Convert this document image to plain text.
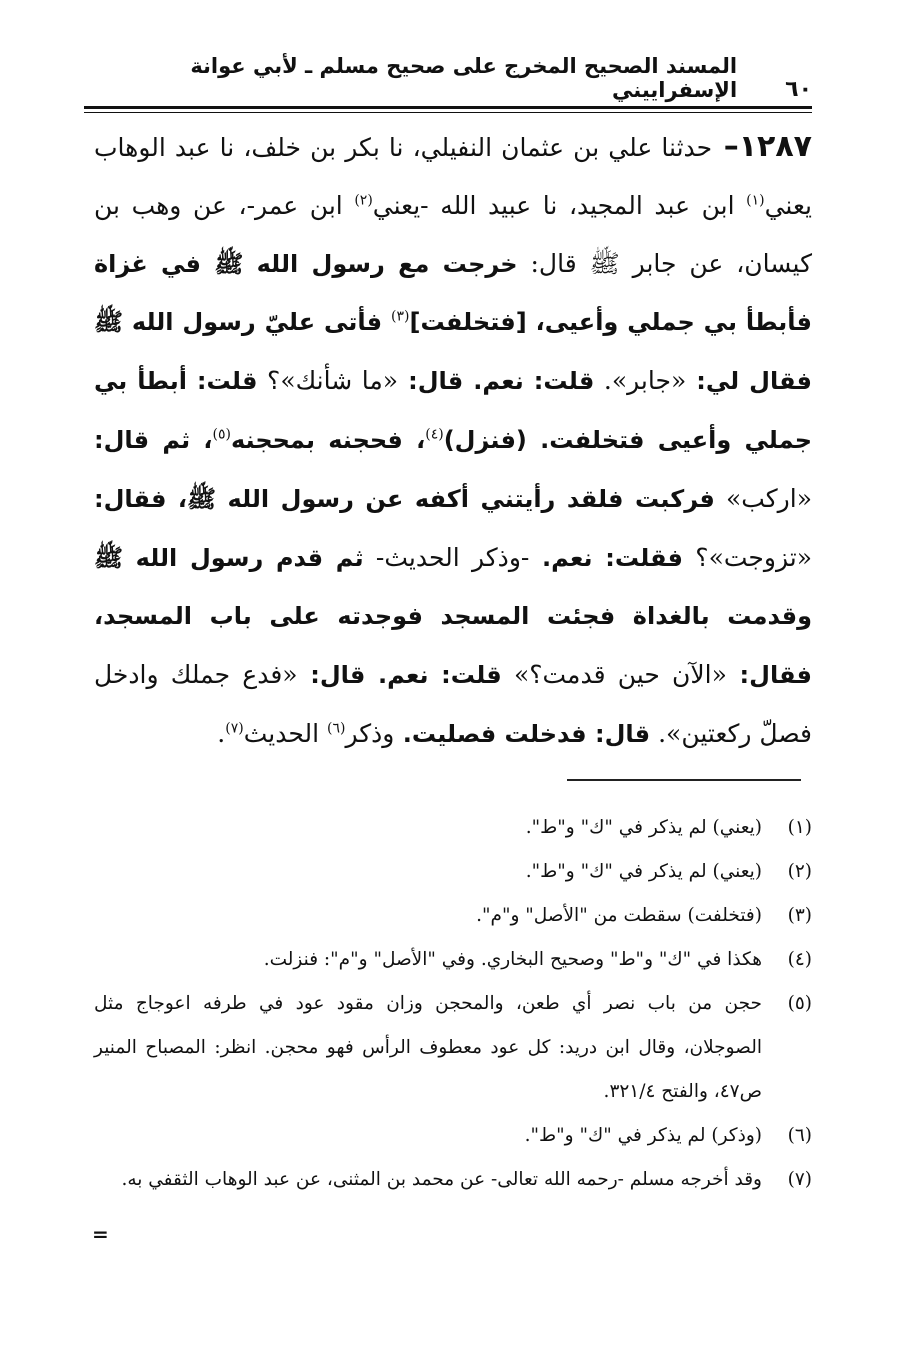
٦٠
المسند الصحيح المخرج على صحيح مسلم ـ لأبي عوانة الإسفراييني
١٢٨٧– حدثنا علي بن عثمان النفيلي، نا بكر بن خلف، نا عبد الوهاب يعني$^{(١)}$ ابن عبد المجيد، نا عبيد الله -يعني$^{(٢)}$ ابن عمر-، عن وهب بن كيسان، عن جابر ﷺ قال: خرجت مع رسول الله ﷺ في غزاة فأبطأ بي جملي وأعيى، [فتخلفت]$^{(٣)}$ فأتى عليّ رسول الله ﷺ فقال لي: «جابر». قلت: نعم. قال: «ما شأنك»؟ قلت: أبطأ بي جملي وأعيى فتخلفت. (فنزل)$^{(٤)}$، فحجنه بمحجنه$^{(٥)}$، ثم قال: «اركب» فركبت فلقد رأيتني أكفه عن رسول الله ﷺ، فقال: «تزوجت»؟ فقلت: نعم. -وذكر الحديث- ثم قدم رسول الله ﷺ وقدمت بالغداة فجئت المسجد فوجدته على باب المسجد، فقال: «الآن حين قدمت؟» قلت: نعم. قال: «فدع جملك وادخل فصلّ ركعتين». قال: فدخلت فصليت. وذكر$^{(٦)}$ الحديث$^{(٧)}$.
(١)
(يعني) لم يذكر في "ك" و"ط".
(٢)
(يعني) لم يذكر في "ك" و"ط".
(٣)
(فتخلفت) سقطت من "الأصل" و"م".
(٤)
هكذا في "ك" و"ط" وصحيح البخاري. وفي "الأصل" و"م": فنزلت.
(٥)
حجن من باب نصر أي طعن، والمحجن وزان مقود عود في طرفه اعوجاج مثل الصوجلان، وقال ابن دريد: كل عود معطوف الرأس فهو محجن. انظر: المصباح المنير ص٤٧، والفتح ٣٢١/٤.
(٦)
(وذكر) لم يذكر في "ك" و"ط".
(٧)
وقد أخرجه مسلم -رحمه الله تعالى- عن محمد بن المثنى، عن عبد الوهاب الثقفي به.
=
